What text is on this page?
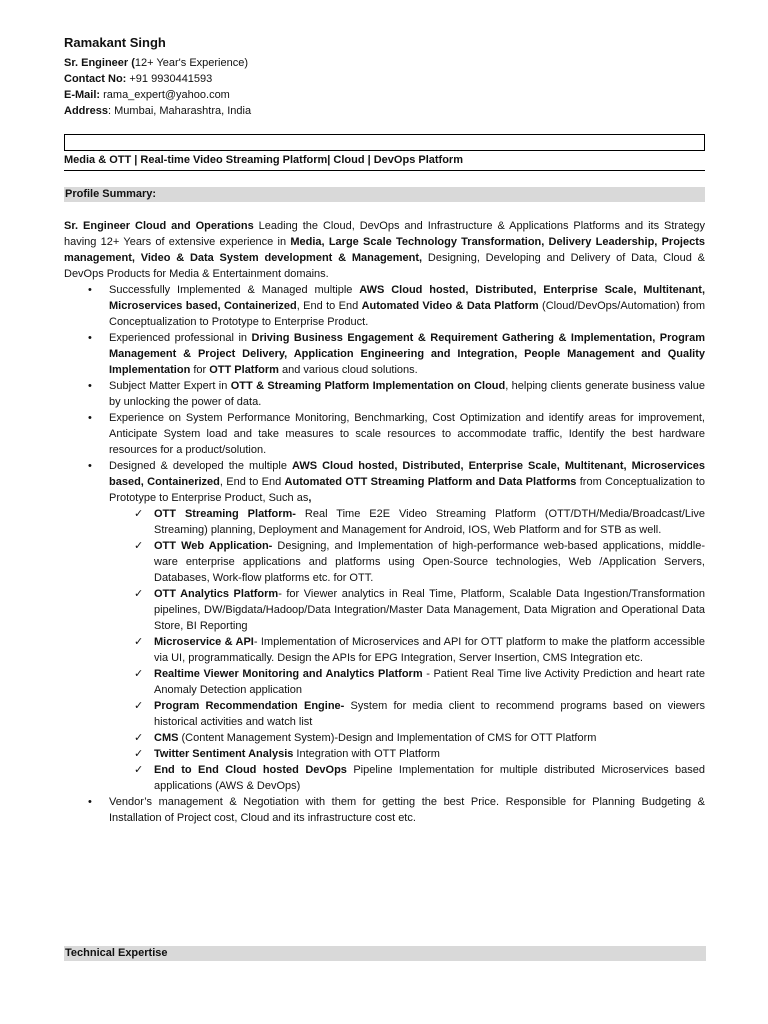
Ramakant Singh
Sr. Engineer (12+ Year's Experience)
Contact No: +91 9930441593
E-Mail: rama_expert@yahoo.com
Address: Mumbai, Maharashtra, India
Media & OTT | Real-time Video Streaming Platform| Cloud | DevOps Platform
Profile Summary:

Sr. Engineer Cloud and Operations Leading the Cloud, DevOps and Infrastructure & Applications Platforms and its Strategy having 12+ Years of extensive experience in Media, Large Scale Technology Transformation, Delivery Leadership, Projects management, Video & Data System development & Management, Designing, Developing and Delivery of Data, Cloud & DevOps Products for Media & Entertainment domains.

• Successfully Implemented & Managed multiple AWS Cloud hosted, Distributed, Enterprise Scale, Multitenant, Microservices based, Containerized, End to End Automated Video & Data Platform (Cloud/DevOps/Automation) from Conceptualization to Prototype to Enterprise Product.
• Experienced professional in Driving Business Engagement & Requirement Gathering & Implementation, Program Management & Project Delivery, Application Engineering and Integration, People Management and Quality Implementation for OTT Platform and various cloud solutions.
• Subject Matter Expert in OTT & Streaming Platform Implementation on Cloud, helping clients generate business value by unlocking the power of data.
• Experience on System Performance Monitoring, Benchmarking, Cost Optimization and identify areas for improvement, Anticipate System load and take measures to scale resources to accommodate traffic, Identify the best hardware resources for a product/solution.
• Designed & developed the multiple AWS Cloud hosted, Distributed, Enterprise Scale, Multitenant, Microservices based, Containerized, End to End Automated OTT Streaming Platform and Data Platforms from Conceptualization to Prototype to Enterprise Product, Such as,
✓ OTT Streaming Platform- Real Time E2E Video Streaming Platform (OTT/DTH/Media/Broadcast/Live Streaming) planning, Deployment and Management for Android, IOS, Web Platform and for STB as well.
✓ OTT Web Application- Designing, and Implementation of high-performance web-based applications, middle-ware enterprise applications and platforms using Open-Source technologies, Web /Application Servers, Databases, Work-flow platforms etc. for OTT.
✓ OTT Analytics Platform- for Viewer analytics in Real Time, Platform, Scalable Data Ingestion/Transformation pipelines, DW/Bigdata/Hadoop/Data Integration/Master Data Management, Data Migration and Operational Data Store, BI Reporting
✓ Microservice & API- Implementation of Microservices and API for OTT platform to make the platform accessible via UI, programmatically. Design the APIs for EPG Integration, Server Insertion, CMS Integration etc.
✓ Realtime Viewer Monitoring and Analytics Platform - Patient Real Time live Activity Prediction and heart rate Anomaly Detection application
✓ Program Recommendation Engine- System for media client to recommend programs based on viewers historical activities and watch list
✓ CMS (Content Management System)-Design and Implementation of CMS for OTT Platform
✓ Twitter Sentiment Analysis Integration with OTT Platform
✓ End to End Cloud hosted DevOps Pipeline Implementation for multiple distributed Microservices based applications (AWS & DevOps)
• Vendor’s management & Negotiation with them for getting the best Price. Responsible for Planning Budgeting & Installation of Project cost, Cloud and its infrastructure cost etc.
Technical Expertise
